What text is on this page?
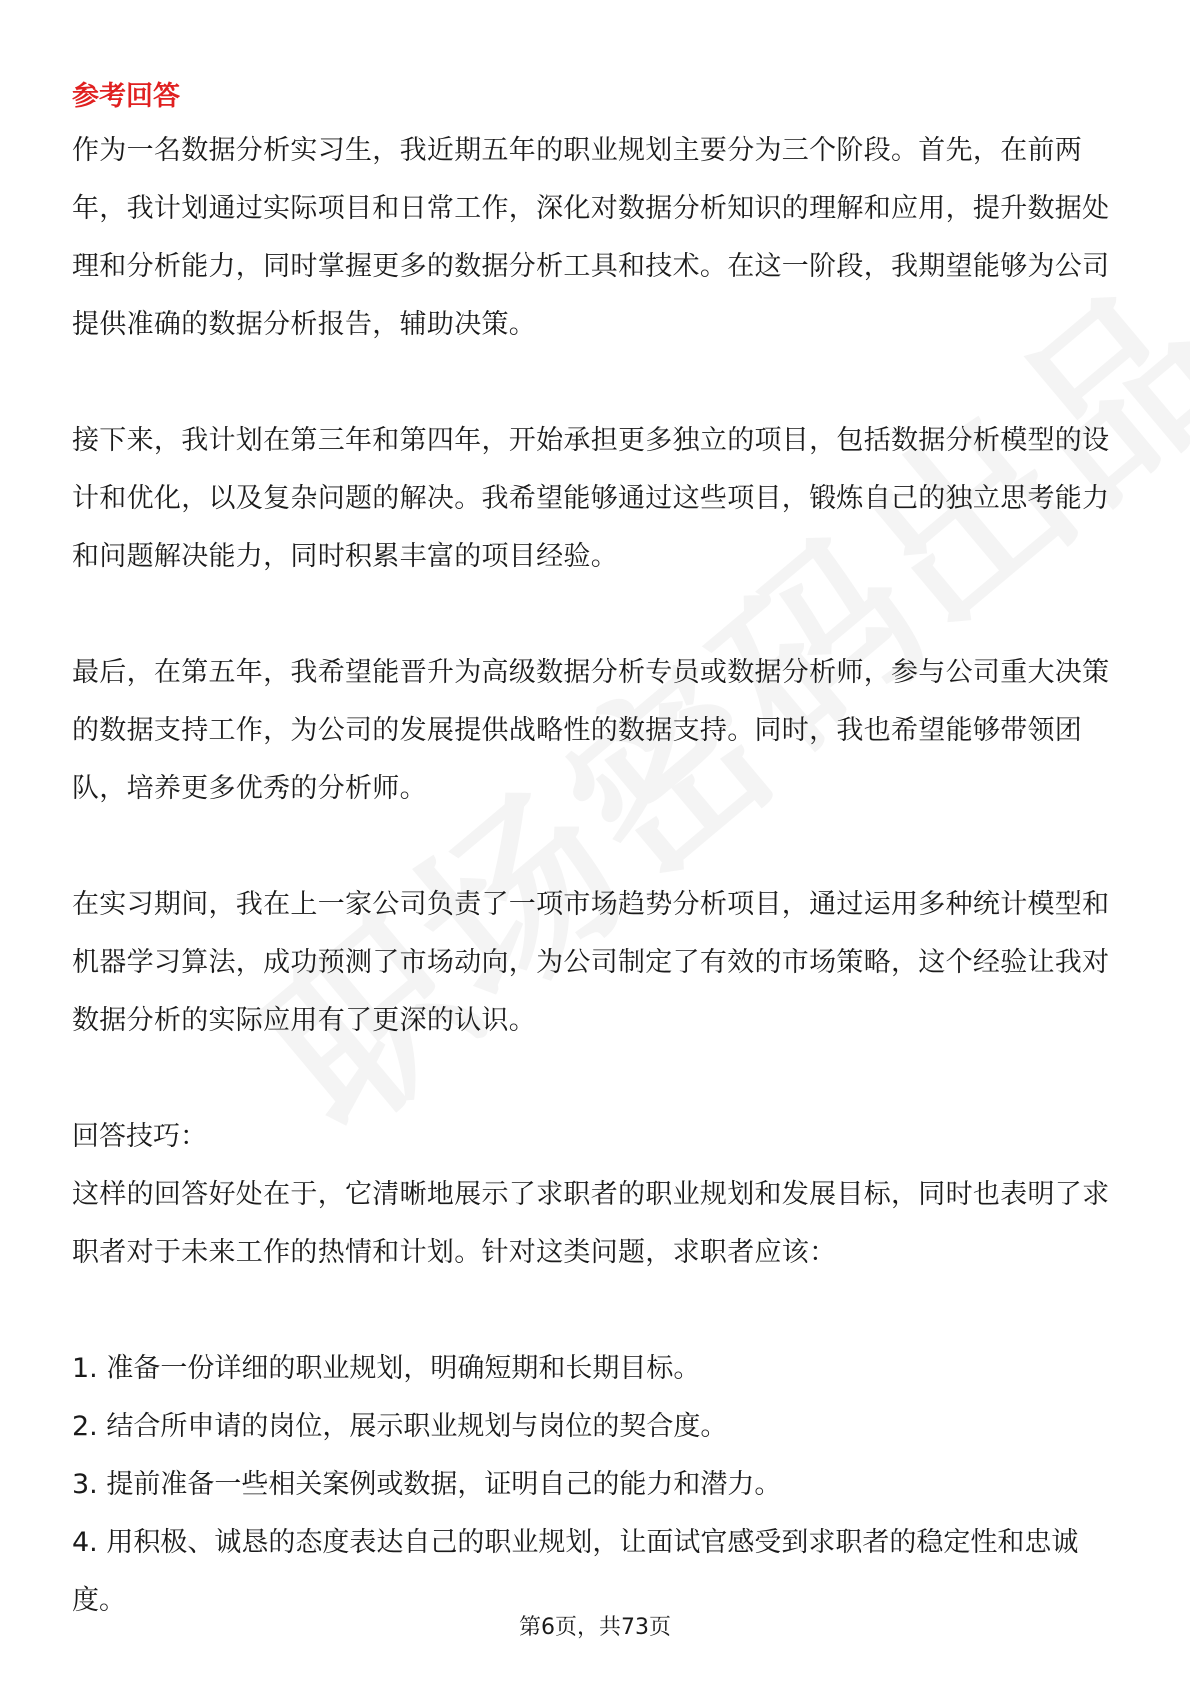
参考回答

作为一名数据分析实习生，我近期五年的职业规划主要分为三个阶段。首先，在前两年，我计划通过实际项目和日常工作，深化对数据分析知识的理解和应用，提升数据处理和分析能力，同时掌握更多的数据分析工具和技术。在这一阶段，我期望能够为公司提供准确的数据分析报告，辅助决策。

接下来，我计划在第三年和第四年，开始承担更多独立的项目，包括数据分析模型的设计和优化，以及复杂问题的解决。我希望能够通过这些项目，锻炼自己的独立思考能力和问题解决能力，同时积累丰富的项目经验。

最后，在第五年，我希望能晋升为高级数据分析专员或数据分析师，参与公司重大决策的数据支持工作，为公司的发展提供战略性的数据支持。同时，我也希望能够带领团队，培养更多优秀的分析师。

在实习期间，我在上一家公司负责了一项市场趋势分析项目，通过运用多种统计模型和机器学习算法，成功预测了市场动向，为公司制定了有效的市场策略，这个经验让我对数据分析的实际应用有了更深的认识。

回答技巧：

这样的回答好处在于，它清晰地展示了求职者的职业规划和发展目标，同时也表明了求职者对于未来工作的热情和计划。针对这类问题，求职者应该：

1. 准备一份详细的职业规划，明确短期和长期目标。

2. 结合所申请的岗位，展示职业规划与岗位的契合度。

3. 提前准备一些相关案例或数据，证明自己的能力和潜力。

4. 用积极、诚恳的态度表达自己的职业规划，让面试官感受到求职者的稳定性和忠诚度。

第6页，共73页
